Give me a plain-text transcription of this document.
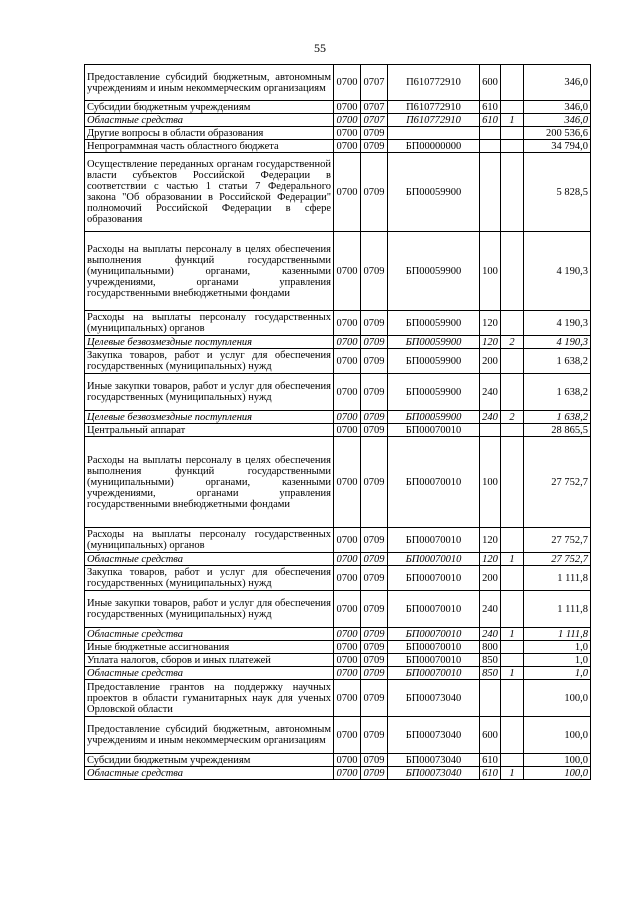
55
Предоставление субсидий бюджетным, автономным учреждениям и иным некоммерческим организациям	0700	0707	П610772910	600		346,0
Субсидии бюджетным учреждениям	0700	0707	П610772910	610		346,0
Областные средства	0700	0707	П610772910	610	1	346,0
Другие вопросы в области образования	0700	0709				200 536,6
Непрограммная часть областного бюджета	0700	0709	БП00000000			34 794,0
Осуществление переданных органам государственной власти субъектов Российской Федерации в соответствии с частью 1 статьи 7 Федерального закона "Об образовании в Российской Федерации" полномочий Российской Федерации в сфере образования	0700	0709	БП00059900			5 828,5
Расходы на выплаты персоналу в целях обеспечения выполнения функций государственными (муниципальными) органами, казенными учреждениями, органами управления государственными внебюджетными фондами	0700	0709	БП00059900	100		4 190,3
Расходы на выплаты персоналу государственных (муниципальных) органов	0700	0709	БП00059900	120		4 190,3
Целевые безвозмездные поступления	0700	0709	БП00059900	120	2	4 190,3
Закупка товаров, работ и услуг для обеспечения государственных (муниципальных) нужд	0700	0709	БП00059900	200		1 638,2
Иные закупки товаров, работ и услуг для обеспечения государственных (муниципальных) нужд	0700	0709	БП00059900	240		1 638,2
Целевые безвозмездные поступления	0700	0709	БП00059900	240	2	1 638,2
Центральный аппарат	0700	0709	БП00070010			28 865,5
Расходы на выплаты персоналу в целях обеспечения выполнения функций государственными (муниципальными) органами, казенными учреждениями, органами управления государственными внебюджетными фондами	0700	0709	БП00070010	100		27 752,7
Расходы на выплаты персоналу государственных (муниципальных) органов	0700	0709	БП00070010	120		27 752,7
Областные средства	0700	0709	БП00070010	120	1	27 752,7
Закупка товаров, работ и услуг для обеспечения государственных (муниципальных) нужд	0700	0709	БП00070010	200		1 111,8
Иные закупки товаров, работ и услуг для обеспечения государственных (муниципальных) нужд	0700	0709	БП00070010	240		1 111,8
Областные средства	0700	0709	БП00070010	240	1	1 111,8
Иные бюджетные ассигнования	0700	0709	БП00070010	800		1,0
Уплата налогов, сборов и иных платежей	0700	0709	БП00070010	850		1,0
Областные средства	0700	0709	БП00070010	850	1	1,0
Предоставление грантов на поддержку научных проектов в области гуманитарных наук для ученых Орловской области	0700	0709	БП00073040			100,0
Предоставление субсидий бюджетным, автономным учреждениям и иным некоммерческим организациям	0700	0709	БП00073040	600		100,0
Субсидии бюджетным учреждениям	0700	0709	БП00073040	610		100,0
Областные средства	0700	0709	БП00073040	610	1	100,0
